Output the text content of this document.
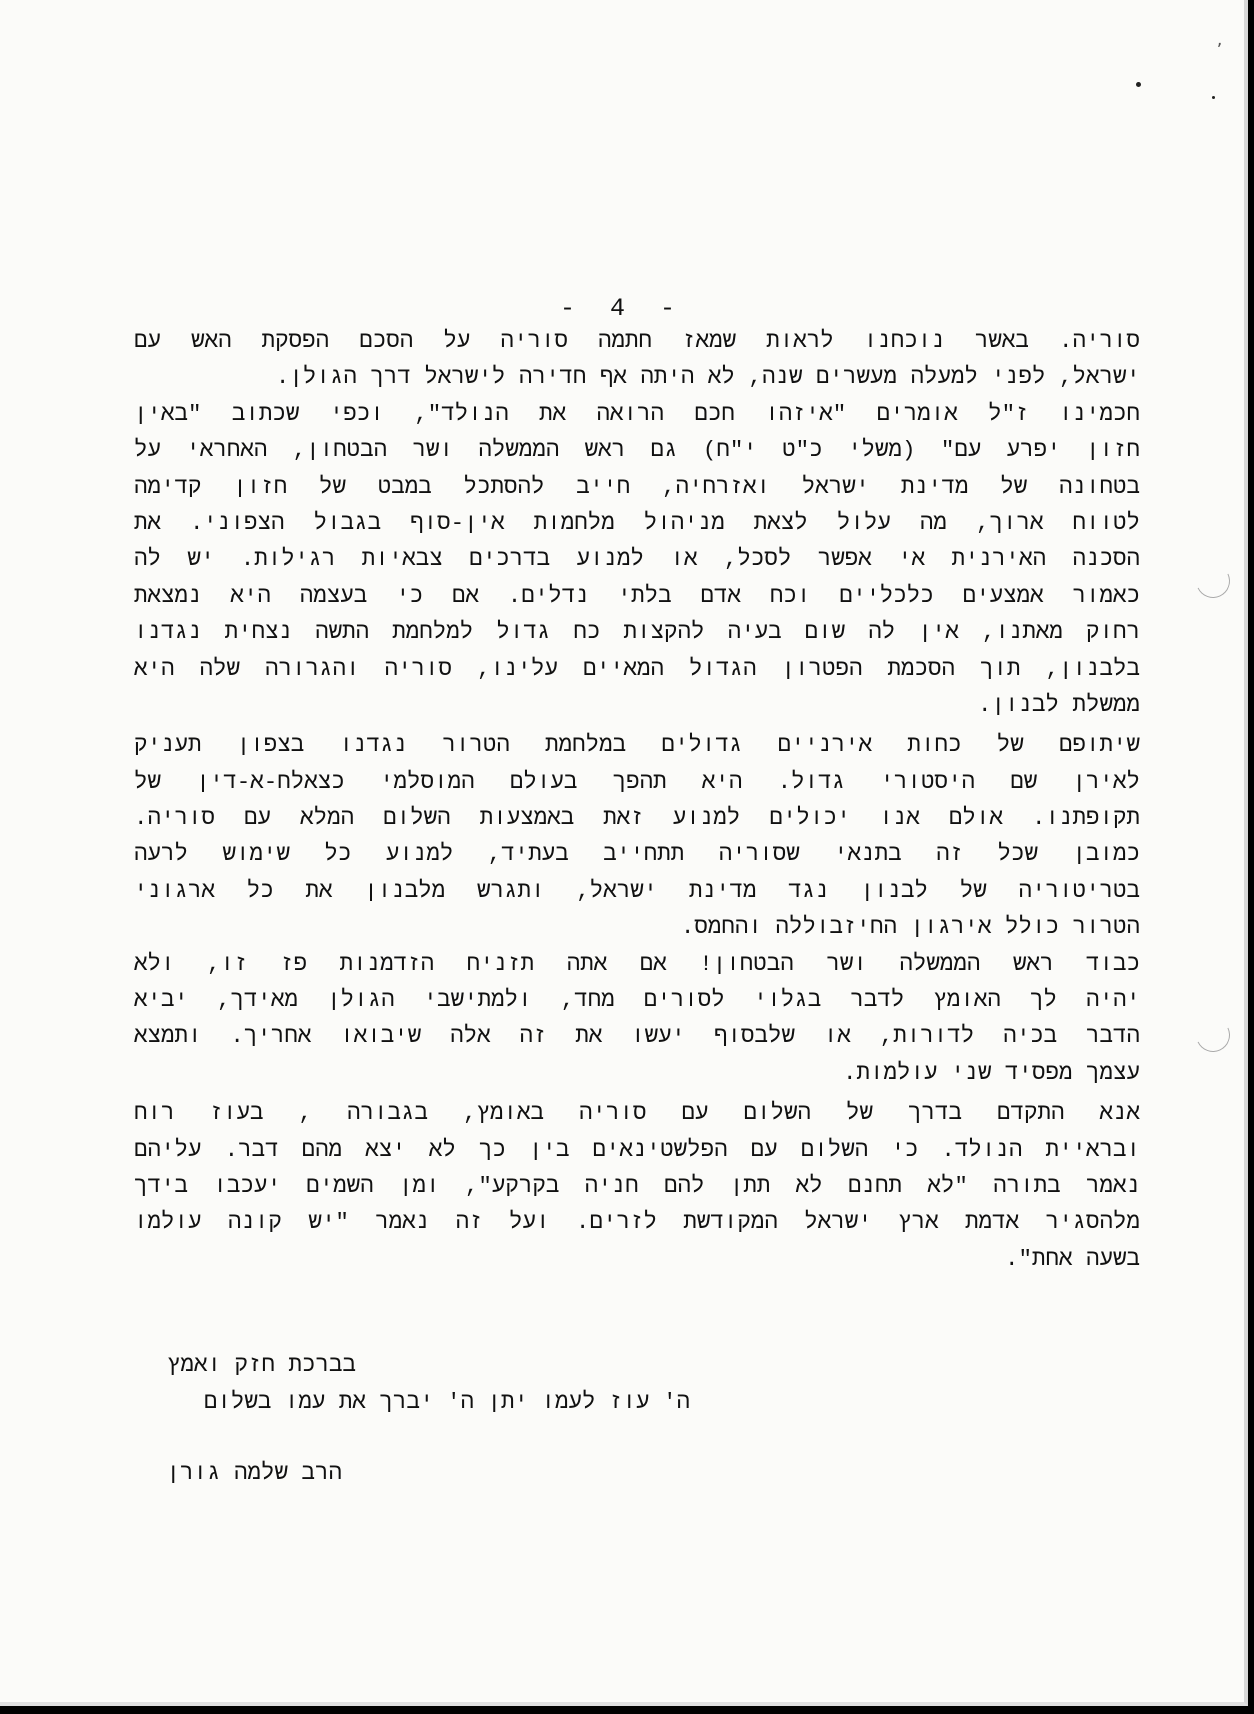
՚
- 4 -
סוריה. באשר נוכחנו לראות שמאז חתמה סוריה על הסכם הפסקת האש עם
ישראל, לפני למעלה מעשרים שנה, לא היתה אף חדירה לישראל דרך הגולן.
חכמינו ז"ל אומרים "איזהו חכם הרואה את הנולד", וכפי שכתוב "באין
חזון יפרע עם" (משלי כ"ט י"ח) גם ראש הממשלה ושר הבטחון, האחראי על
בטחונה של מדינת ישראל ואזרחיה, חייב להסתכל במבט של חזון קדימה
לטווח ארוך, מה עלול לצאת מניהול מלחמות אין-סוף בגבול הצפוני. את
הסכנה האירנית אי אפשר לסכל, או למנוע בדרכים צבאיות רגילות. יש לה
כאמור אמצעים כלכליים וכח אדם בלתי נדלים. אם כי בעצמה היא נמצאת
רחוק מאתנו, אין לה שום בעיה להקצות כח גדול למלחמת התשה נצחית נגדנו
בלבנון, תוך הסכמת הפטרון הגדול המאיים עלינו, סוריה והגרורה שלה היא
ממשלת לבנון.
שיתופם של כחות אירניים גדולים במלחמת הטרור נגדנו בצפון תעניק
לאירן שם היסטורי גדול. היא תהפך בעולם המוסלמי כצאלח-א-דין של
תקופתנו. אולם אנו יכולים למנוע זאת באמצעות השלום המלא עם סוריה.
כמובן שכל זה בתנאי שסוריה תתחייב בעתיד, למנוע כל שימוש לרעה
בטריטוריה של לבנון נגד מדינת ישראל, ותגרש מלבנון את כל ארגוני
הטרור כולל אירגון החיזבוללה והחמס.
כבוד ראש הממשלה ושר הבטחון! אם אתה תזניח הזדמנות פז זו, ולא
יהיה לך האומץ לדבר בגלוי לסורים מחד, ולמתישבי הגולן מאידך, יביא
הדבר בכיה לדורות, או שלבסוף יעשו את זה אלה שיבואו אחריך. ותמצא
עצמך מפסיד שני עולמות.
אנא התקדם בדרך של השלום עם סוריה באומץ, בגבורה , בעוז רוח
ובראיית הנולד. כי השלום עם הפלשטינאים בין כך לא יצא מהם דבר. עליהם
נאמר בתורה "לא תחנם לא תתן להם חניה בקרקע", ומן השמים יעכבו בידך
מלהסגיר אדמת ארץ ישראל המקודשת לזרים. ועל זה נאמר "יש קונה עולמו
בשעה אחת".
בברכת חזק ואמץ
ה' עוז לעמו יתן ה' יברך את עמו בשלום
הרב שלמה גורן
